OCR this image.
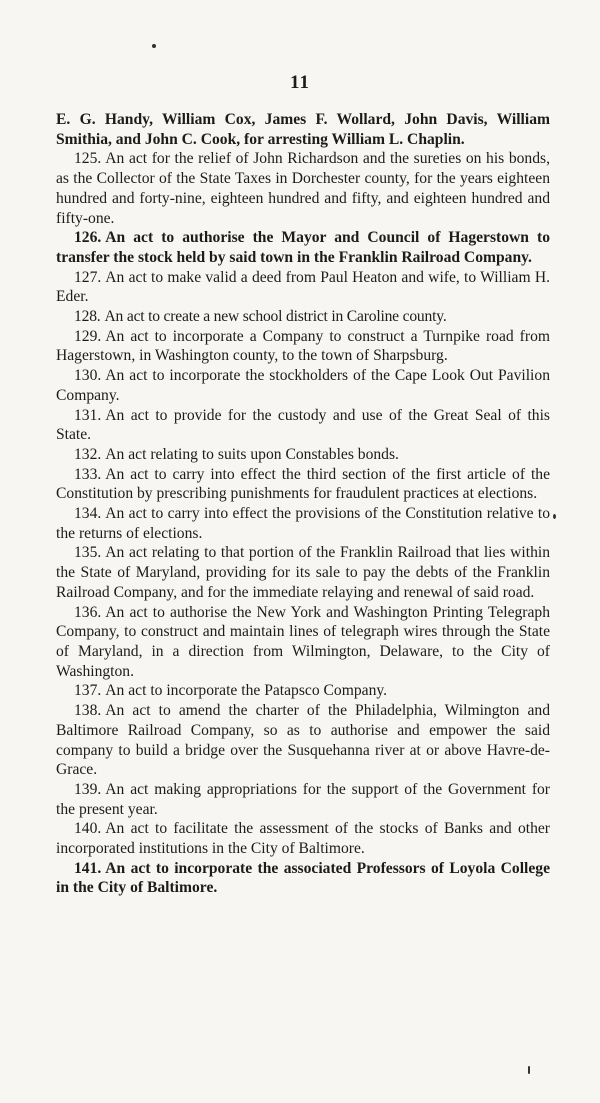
11

E. G. Handy, William Cox, James F. Wollard, John Davis, William Smithia, and John C. Cook, for arresting William L. Chaplin.

125. An act for the relief of John Richardson and the sureties on his bonds, as the Collector of the State Taxes in Dorchester county, for the years eighteen hundred and forty-nine, eighteen hundred and fifty, and eighteen hundred and fifty-one.

126. An act to authorise the Mayor and Council of Hagerstown to transfer the stock held by said town in the Franklin Railroad Company.

127. An act to make valid a deed from Paul Heaton and wife, to William H. Eder.

128. An act to create a new school district in Caroline county.

129. An act to incorporate a Company to construct a Turnpike road from Hagerstown, in Washington county, to the town of Sharpsburg.

130. An act to incorporate the stockholders of the Cape Look Out Pavilion Company.

131. An act to provide for the custody and use of the Great Seal of this State.

132. An act relating to suits upon Constables bonds.

133. An act to carry into effect the third section of the first article of the Constitution by prescribing punishments for fraudulent practices at elections.

134. An act to carry into effect the provisions of the Constitution relative to the returns of elections.

135. An act relating to that portion of the Franklin Railroad that lies within the State of Maryland, providing for its sale to pay the debts of the Franklin Railroad Company, and for the immediate relaying and renewal of said road.

136. An act to authorise the New York and Washington Printing Telegraph Company, to construct and maintain lines of telegraph wires through the State of Maryland, in a direction from Wilmington, Delaware, to the City of Washington.

137. An act to incorporate the Patapsco Company.

138. An act to amend the charter of the Philadelphia, Wilmington and Baltimore Railroad Company, so as to authorise and empower the said company to build a bridge over the Susquehanna river at or above Havre-de-Grace.

139. An act making appropriations for the support of the Government for the present year.

140. An act to facilitate the assessment of the stocks of Banks and other incorporated institutions in the City of Baltimore.

141. An act to incorporate the associated Professors of Loyola College in the City of Baltimore.
